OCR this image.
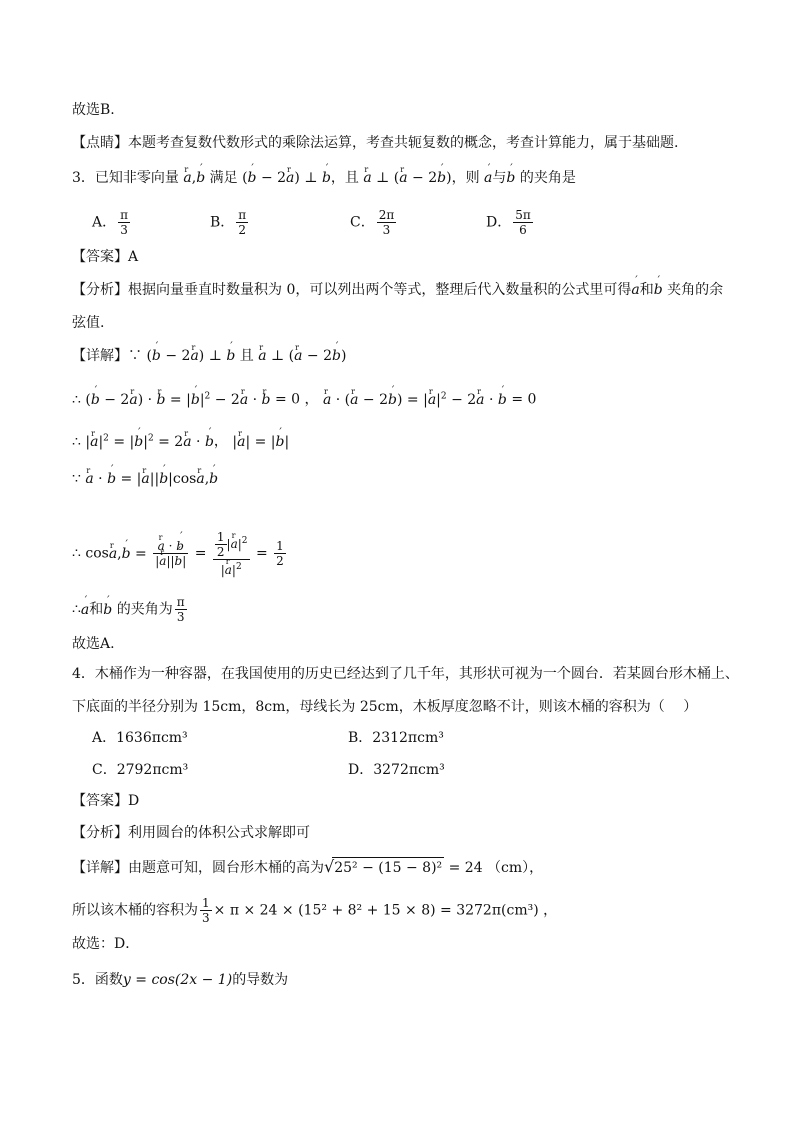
故选B.
【点睛】本题考查复数代数形式的乘除法运算，考查共轭复数的概念，考查计算能力，属于基础题.
3．已知非零向量 r a,´ b 满足 (´ b − 2r a) ⊥ ´ b，且 r a ⊥ (r a − 2´ b)，则 ´ a与´ b 的夹角是
A． $\frac{\pi}{3}$	B． $\frac{\pi}{2}$	C． $\frac{2\pi}{3}$	D． $\frac{5\pi}{6}$
【答案】A
【分析】根据向量垂直时数量积为 0，可以列出两个等式，整理后代入数量积的公式里可得´ a和´ b 夹角的余
弦值.
【详解】∵ (´ b − 2r a) ⊥ ´ b 且 r a ⊥ (r a − 2´ b)
∴ (´ b − 2r a) · r b = |´ $b|^2 - 2r$ a · r b = 0 ， r a · (r a − 2´ b) = |r $a|^2 - 2r$ a · ´ b = 0
∴ |r $a|^2$ = |´ $b|^2 = 2r$ a · ´ b， |r a| = |´ b|
∵ r a · ´ b = |r a||´ b|cosr a,´ b
∴ cosr a,´ b = r $\frac{a \cdot ´ b}{\text{|r a||´ b|}} = \frac{\frac{1}{2} |r a|^2}{|r a|^2} = \frac{1}{2}$
∴´ a和´ b 的夹角为 $\frac{\pi}{3}$
故选A.
4．木桶作为一种容器，在我国使用的历史已经达到了几千年，其形状可视为一个圆台．若某圆台形木桶上、
下底面的半径分别为 15cm，8cm，母线长为 25cm，木板厚度忽略不计，则该木桶的容积为（　 ）
A．1636πcm³	B．2312πcm³
C．2792πcm³	D．3272πcm³
【答案】D
【分析】利用圆台的体积公式求解即可
【详解】由题意可知，圆台形木桶的高为√25² − (15 − 8)² = 24 （cm），
所以该木桶的容积为 $\frac{1}{3} \times \pi \times 24 \times (15^2 + 8^2 + 15 \times 8) = 3272\pi(cm^3)$ ，
故选：D．
5．函数y = cos(2x − 1)的导数为
